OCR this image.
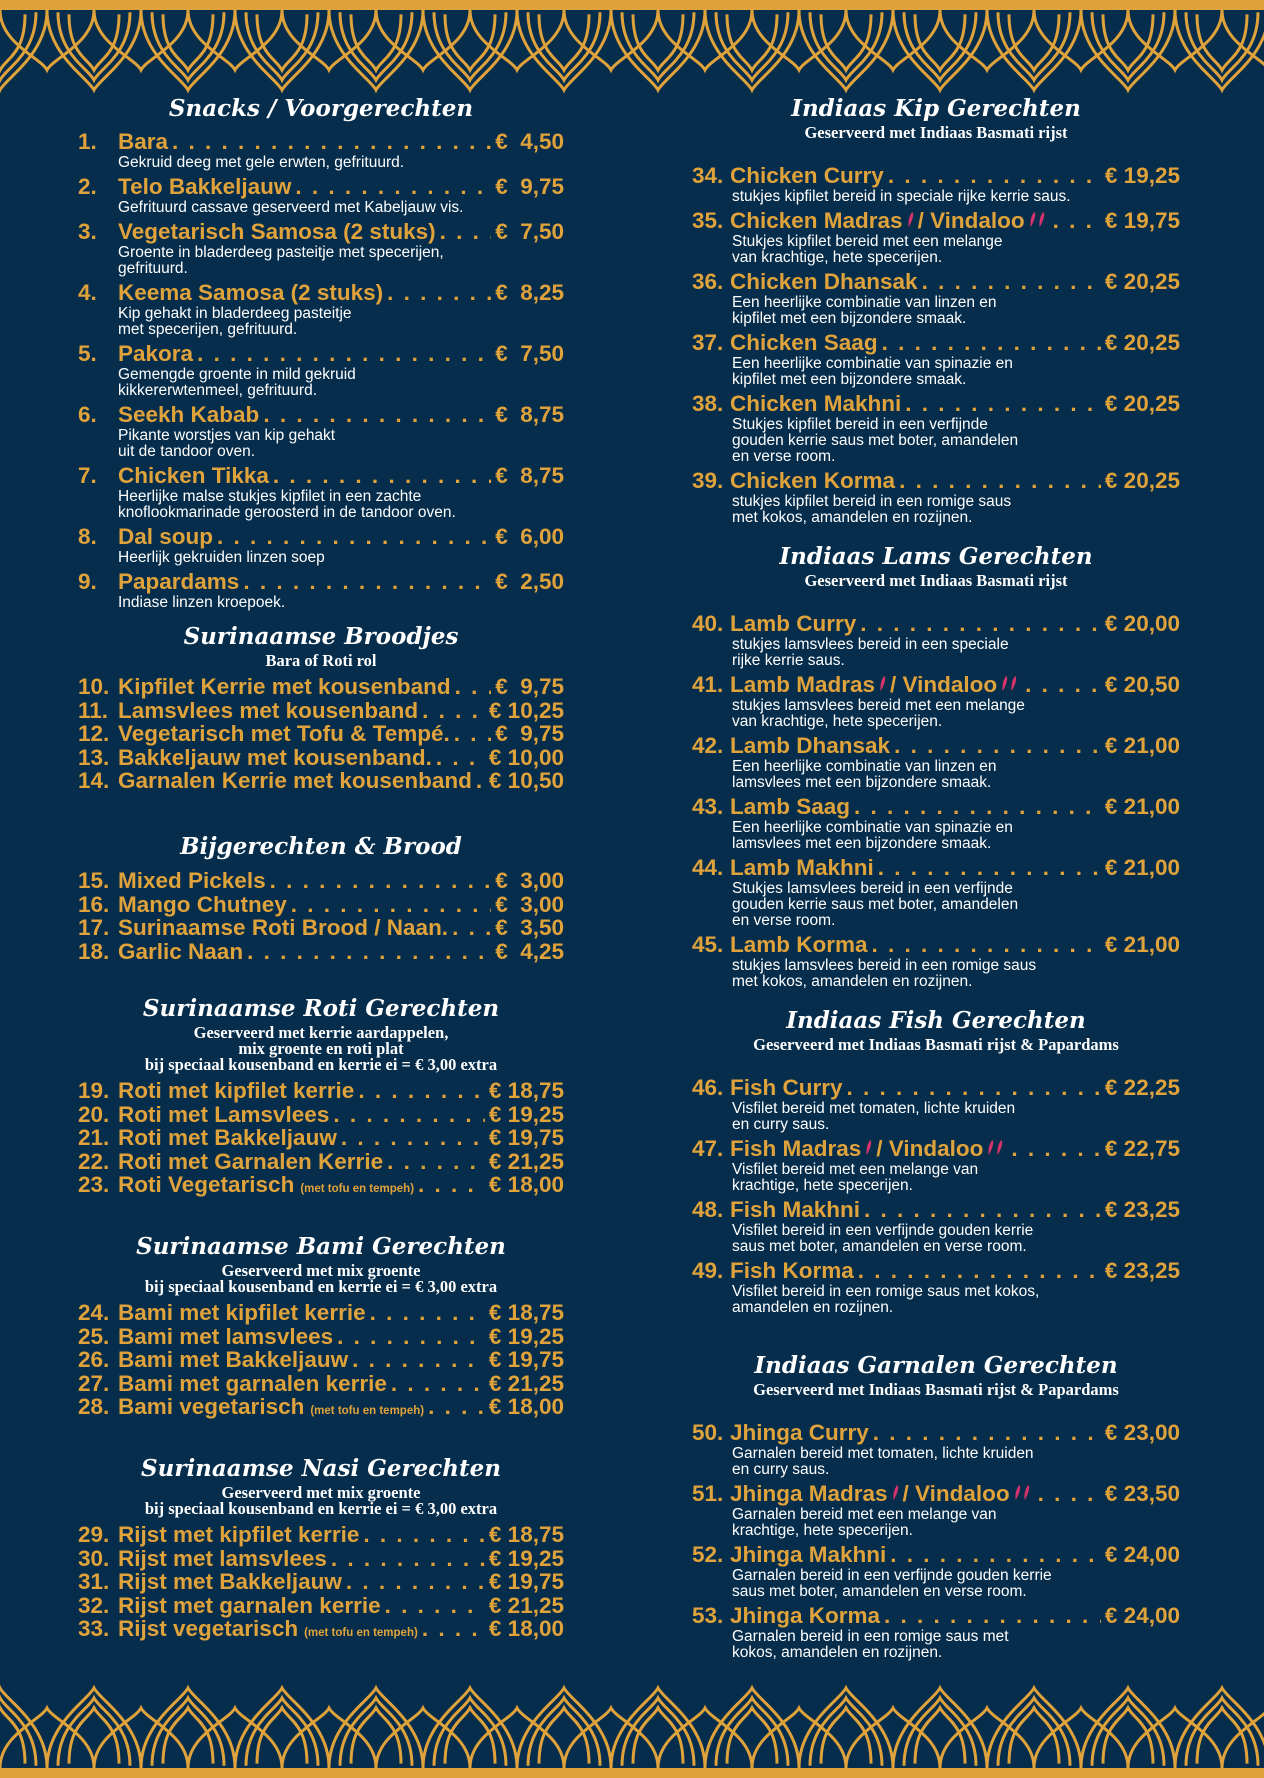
Snacks / Voorgerechten
1. Bara . . .	€  4,50
Gekruid deeg met gele erwten, gefrituurd.
2. Telo Bakkeljauw . . .	€  9,75
Gefrituurd cassave geserveerd met Kabeljauw vis.
3. Vegetarisch Samosa (2 stuks) . . .	€  7,50
Groente in bladerdeeg pasteitje met specerijen,
gefrituurd.
4. Keema Samosa (2 stuks) . . .	€  8,25
Kip gehakt in bladerdeeg pasteitje
met specerijen, gefrituurd.
5. Pakora . . .	€  7,50
Gemengde groente in mild gekruid
kikkererwtenmeel, gefrituurd.
6. Seekh Kabab . . .	€  8,75
Pikante worstjes van kip gehakt
uit de tandoor oven.
7. Chicken Tikka . . .	€  8,75
Heerlijke malse stukjes kipfilet in een zachte
knoflookmarinade geroosterd in de tandoor oven.
8. Dal soup . . .	€  6,00
Heerlijk gekruiden linzen soep
9. Papardams . . .	€  2,50
Indiase linzen kroepoek.
Surinaamse Broodjes
Bara of Roti rol
10. Kipfilet Kerrie met kousenband . . . €  9,75
11. Lamsvlees met kousenband . . .	€ 10,25
12. Vegetarisch met Tofu & Tempé. . . . €  9,75
13. Bakkeljauw met kousenband. . . .	€ 10,00
14. Garnalen Kerrie met kousenband . . . € 10,50
Bijgerechten & Brood
15. Mixed Pickels . . .	€  3,00
16. Mango Chutney . . .	€  3,00
17. Surinaamse Roti Brood / Naan. . . . €  3,50
18. Garlic Naan . . .	€  4,25
Surinaamse Roti Gerechten
Geserveerd met kerrie aardappelen,
mix groente en roti plat
bij speciaal kousenband en kerrie ei = € 3,00 extra
19. Roti met kipfilet kerrie . . .	€ 18,75
20. Roti met Lamsvlees . . .	€ 19,25
21. Roti met Bakkeljauw . . .	€ 19,75
22. Roti met Garnalen Kerrie . . .	€ 21,25
23. Roti Vegetarisch (met tofu en tempeh) . . .	€ 18,00
Surinaamse Bami Gerechten
Geserveerd met mix groente
bij speciaal kousenband en kerrie ei = € 3,00 extra
24. Bami met kipfilet kerrie . . .	€ 18,75
25. Bami met lamsvlees . . .	€ 19,25
26. Bami met Bakkeljauw . . .	€ 19,75
27. Bami met garnalen kerrie . . .	€ 21,25
28. Bami vegetarisch (met tofu en tempeh) . . .	€ 18,00
Surinaamse Nasi Gerechten
Geserveerd met mix groente
bij speciaal kousenband en kerrie ei = € 3,00 extra
29. Rijst met kipfilet kerrie . . .	€ 18,75
30. Rijst met lamsvlees . . .	€ 19,25
31. Rijst met Bakkeljauw . . .	€ 19,75
32. Rijst met garnalen kerrie . . .	€ 21,25
33. Rijst vegetarisch (met tofu en tempeh) . . .	€ 18,00
Indiaas Kip Gerechten
Geserveerd met Indiaas Basmati rijst
34. Chicken Curry . . .	€ 19,25
stukjes kipfilet bereid in speciale rijke kerrie saus.
35. Chicken Madras / Vindaloo . . .	€ 19,75
Stukjes kipfilet bereid met een melange
van krachtige, hete specerijen.
36. Chicken Dhansak . . .	€ 20,25
Een heerlijke combinatie van linzen en
kipfilet met een bijzondere smaak.
37. Chicken Saag . . .	€ 20,25
Een heerlijke combinatie van spinazie en
kipfilet met een bijzondere smaak.
38. Chicken Makhni . . .	€ 20,25
Stukjes kipfilet bereid in een verfijnde
gouden kerrie saus met boter, amandelen
en verse room.
39. Chicken Korma . . .	€ 20,25
stukjes kipfilet bereid in een romige saus
met kokos, amandelen en rozijnen.
Indiaas Lams Gerechten
Geserveerd met Indiaas Basmati rijst
40. Lamb Curry . . .	€ 20,00
stukjes lamsvlees bereid in een speciale
rijke kerrie saus.
41. Lamb Madras / Vindaloo . . .	€ 20,50
stukjes lamsvlees bereid met een melange
van krachtige, hete specerijen.
42. Lamb Dhansak . . .	€ 21,00
Een heerlijke combinatie van linzen en
lamsvlees met een bijzondere smaak.
43. Lamb Saag . . .	€ 21,00
Een heerlijke combinatie van spinazie en
lamsvlees met een bijzondere smaak.
44. Lamb Makhni . . .	€ 21,00
Stukjes lamsvlees bereid in een verfijnde
gouden kerrie saus met boter, amandelen
en verse room.
45. Lamb Korma . . .	€ 21,00
stukjes lamsvlees bereid in een romige saus
met kokos, amandelen en rozijnen.
Indiaas Fish Gerechten
Geserveerd met Indiaas Basmati rijst & Papardams
46. Fish Curry . . .	€ 22,25
Visfilet bereid met tomaten, lichte kruiden
en curry saus.
47. Fish Madras / Vindaloo . . .	€ 22,75
Visfilet bereid met een melange van
krachtige, hete specerijen.
48. Fish Makhni . . .	€ 23,25
Visfilet bereid in een verfijnde gouden kerrie
saus met boter, amandelen en verse room.
49. Fish Korma . . .	€ 23,25
Visfilet bereid in een romige saus met kokos,
amandelen en rozijnen.
Indiaas Garnalen Gerechten
Geserveerd met Indiaas Basmati rijst & Papardams
50. Jhinga Curry . . .	€ 23,00
Garnalen bereid met tomaten, lichte kruiden
en curry saus.
51. Jhinga Madras / Vindaloo . . .	€ 23,50
Garnalen bereid met een melange van
krachtige, hete specerijen.
52. Jhinga Makhni . . .	€ 24,00
Garnalen bereid in een verfijnde gouden kerrie
saus met boter, amandelen en verse room.
53. Jhinga Korma . . .	€ 24,00
Garnalen bereid in een romige saus met
kokos, amandelen en rozijnen.
